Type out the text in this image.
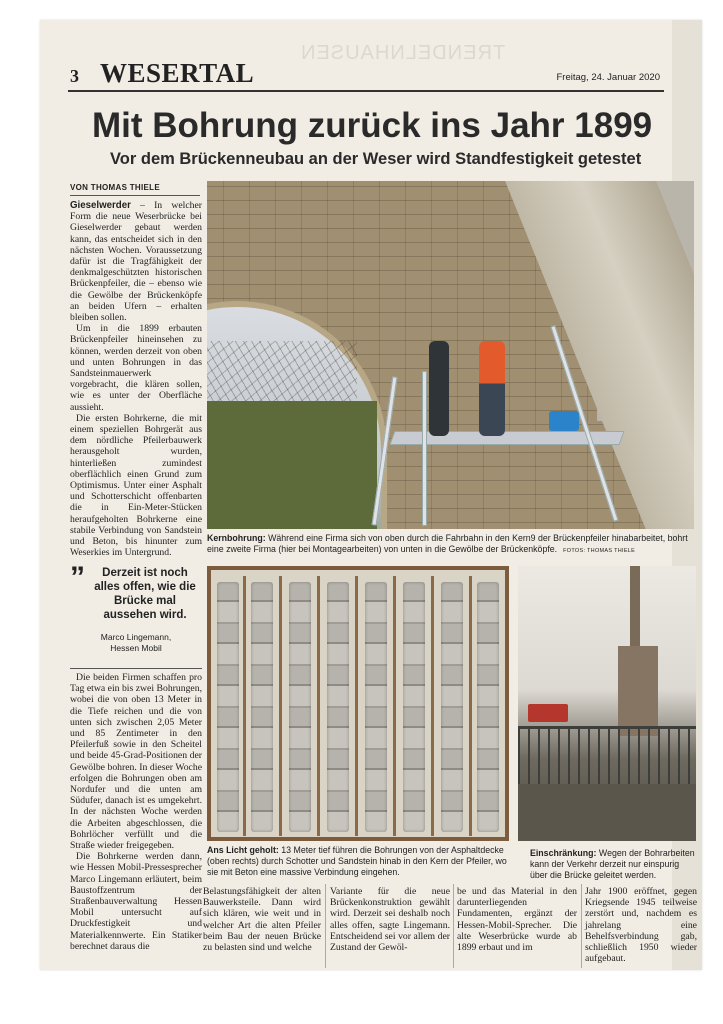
TRENDELNHAUSEN
3 WESERTAL	Freitag, 24. Januar 2020
Mit Bohrung zurück ins Jahr 1899
Vor dem Brückenneubau an der Weser wird Standfestigkeit getestet
VON THOMAS THIELE

Gieselwerder – In welcher Form die neue Weserbrücke bei Gieselwerder gebaut werden kann, das entscheidet sich in den nächsten Wochen. Voraussetzung dafür ist die Tragfähigkeit der denkmalgeschützten historischen Brückenpfeiler, die – ebenso wie die Gewölbe der Brückenköpfe an beiden Ufern – erhalten bleiben sollen.

Um in die 1899 erbauten Brückenpfeiler hineinsehen zu können, werden derzeit von oben und unten Bohrungen in das Sandsteinmauerwerk vorgebracht, die klären sollen, wie es unter der Oberfläche aussieht.

Die ersten Bohrkerne, die mit einem speziellen Bohrgerät aus dem nördliche Pfeilerbauwerk herausgeholt wurden, hinterließen zumindest oberflächlich einen Grund zum Optimismus. Unter einer Asphalt und Schotterschicht offenbarten die in Ein-Meter-Stücken heraufgeholten Bohrkerne eine stabile Verbindung von Sandstein und Beton, bis hinunter zum Weserkies im Untergrund.

”	Derzeit ist noch alles offen, wie die Brücke mal aussehen wird.
Marco Lingemann,
Hessen Mobil

Die beiden Firmen schaffen pro Tag etwa ein bis zwei Bohrungen, wobei die von oben 13 Meter in die Tiefe reichen und die von unten sich zwischen 2,05 Meter und 85 Zentimeter in den Pfeilerfuß sowie in den Scheitel und beide 45-Grad-Positionen der Gewölbe bohren. In dieser Woche erfolgen die Bohrungen oben am Nordufer und die unten am Südufer, danach ist es umgekehrt. In der nächsten Woche werden die Arbeiten abgeschlossen, die Bohrlöcher verfüllt und die Straße wieder freigegeben.

Die Bohrkerne werden dann, wie Hessen Mobil-Pressesprecher Marco Lingemann erläutert, beim Baustoffzentrum der Straßenbauverwaltung Hessen Mobil untersucht auf Druckfestigkeit und Materialkennwerte. Ein Statiker berechnet daraus die

Kernbohrung: Während eine Firma sich von oben durch die Fahrbahn in den Kern9 der Brückenpfeiler hinabarbeitet, bohrt eine zweite Firma (hier bei Montagearbeiten) von unten in die Gewölbe der Brückenköpfe. FOTOS: THOMAS THIELE
Ans Licht geholt: 13 Meter tief führen die Bohrungen von der Asphaltdecke (oben rechts) durch Schotter und Sandstein hinab in den Kern der Pfeiler, wo sie mit Beton eine massive Verbindung eingehen.
Einschränkung: Wegen der Bohrarbeiten kann der Verkehr derzeit nur einspurig über die Brücke geleitet werden.
Belastungsfähigkeit der alten Bauwerksteile. Dann wird sich klären, wie weit und in welcher Art die alten Pfeiler beim Bau der neuen Brücke zu belasten sind und welche
Variante für die neue Brückenkonstruktion gewählt wird. Derzeit sei deshalb noch alles offen, sagte Lingemann. Entscheidend sei vor allem der Zustand der Gewöl-
be und das Material in den darunterliegenden Fundamenten, ergänzt der Hessen-Mobil-Sprecher. Die alte Weserbrücke wurde ab 1899 erbaut und im
Jahr 1900 eröffnet, gegen Kriegsende 1945 teilweise zerstört und, nachdem es jahrelang eine Behelfsverbindung gab, schließlich 1950 wieder aufgebaut.
